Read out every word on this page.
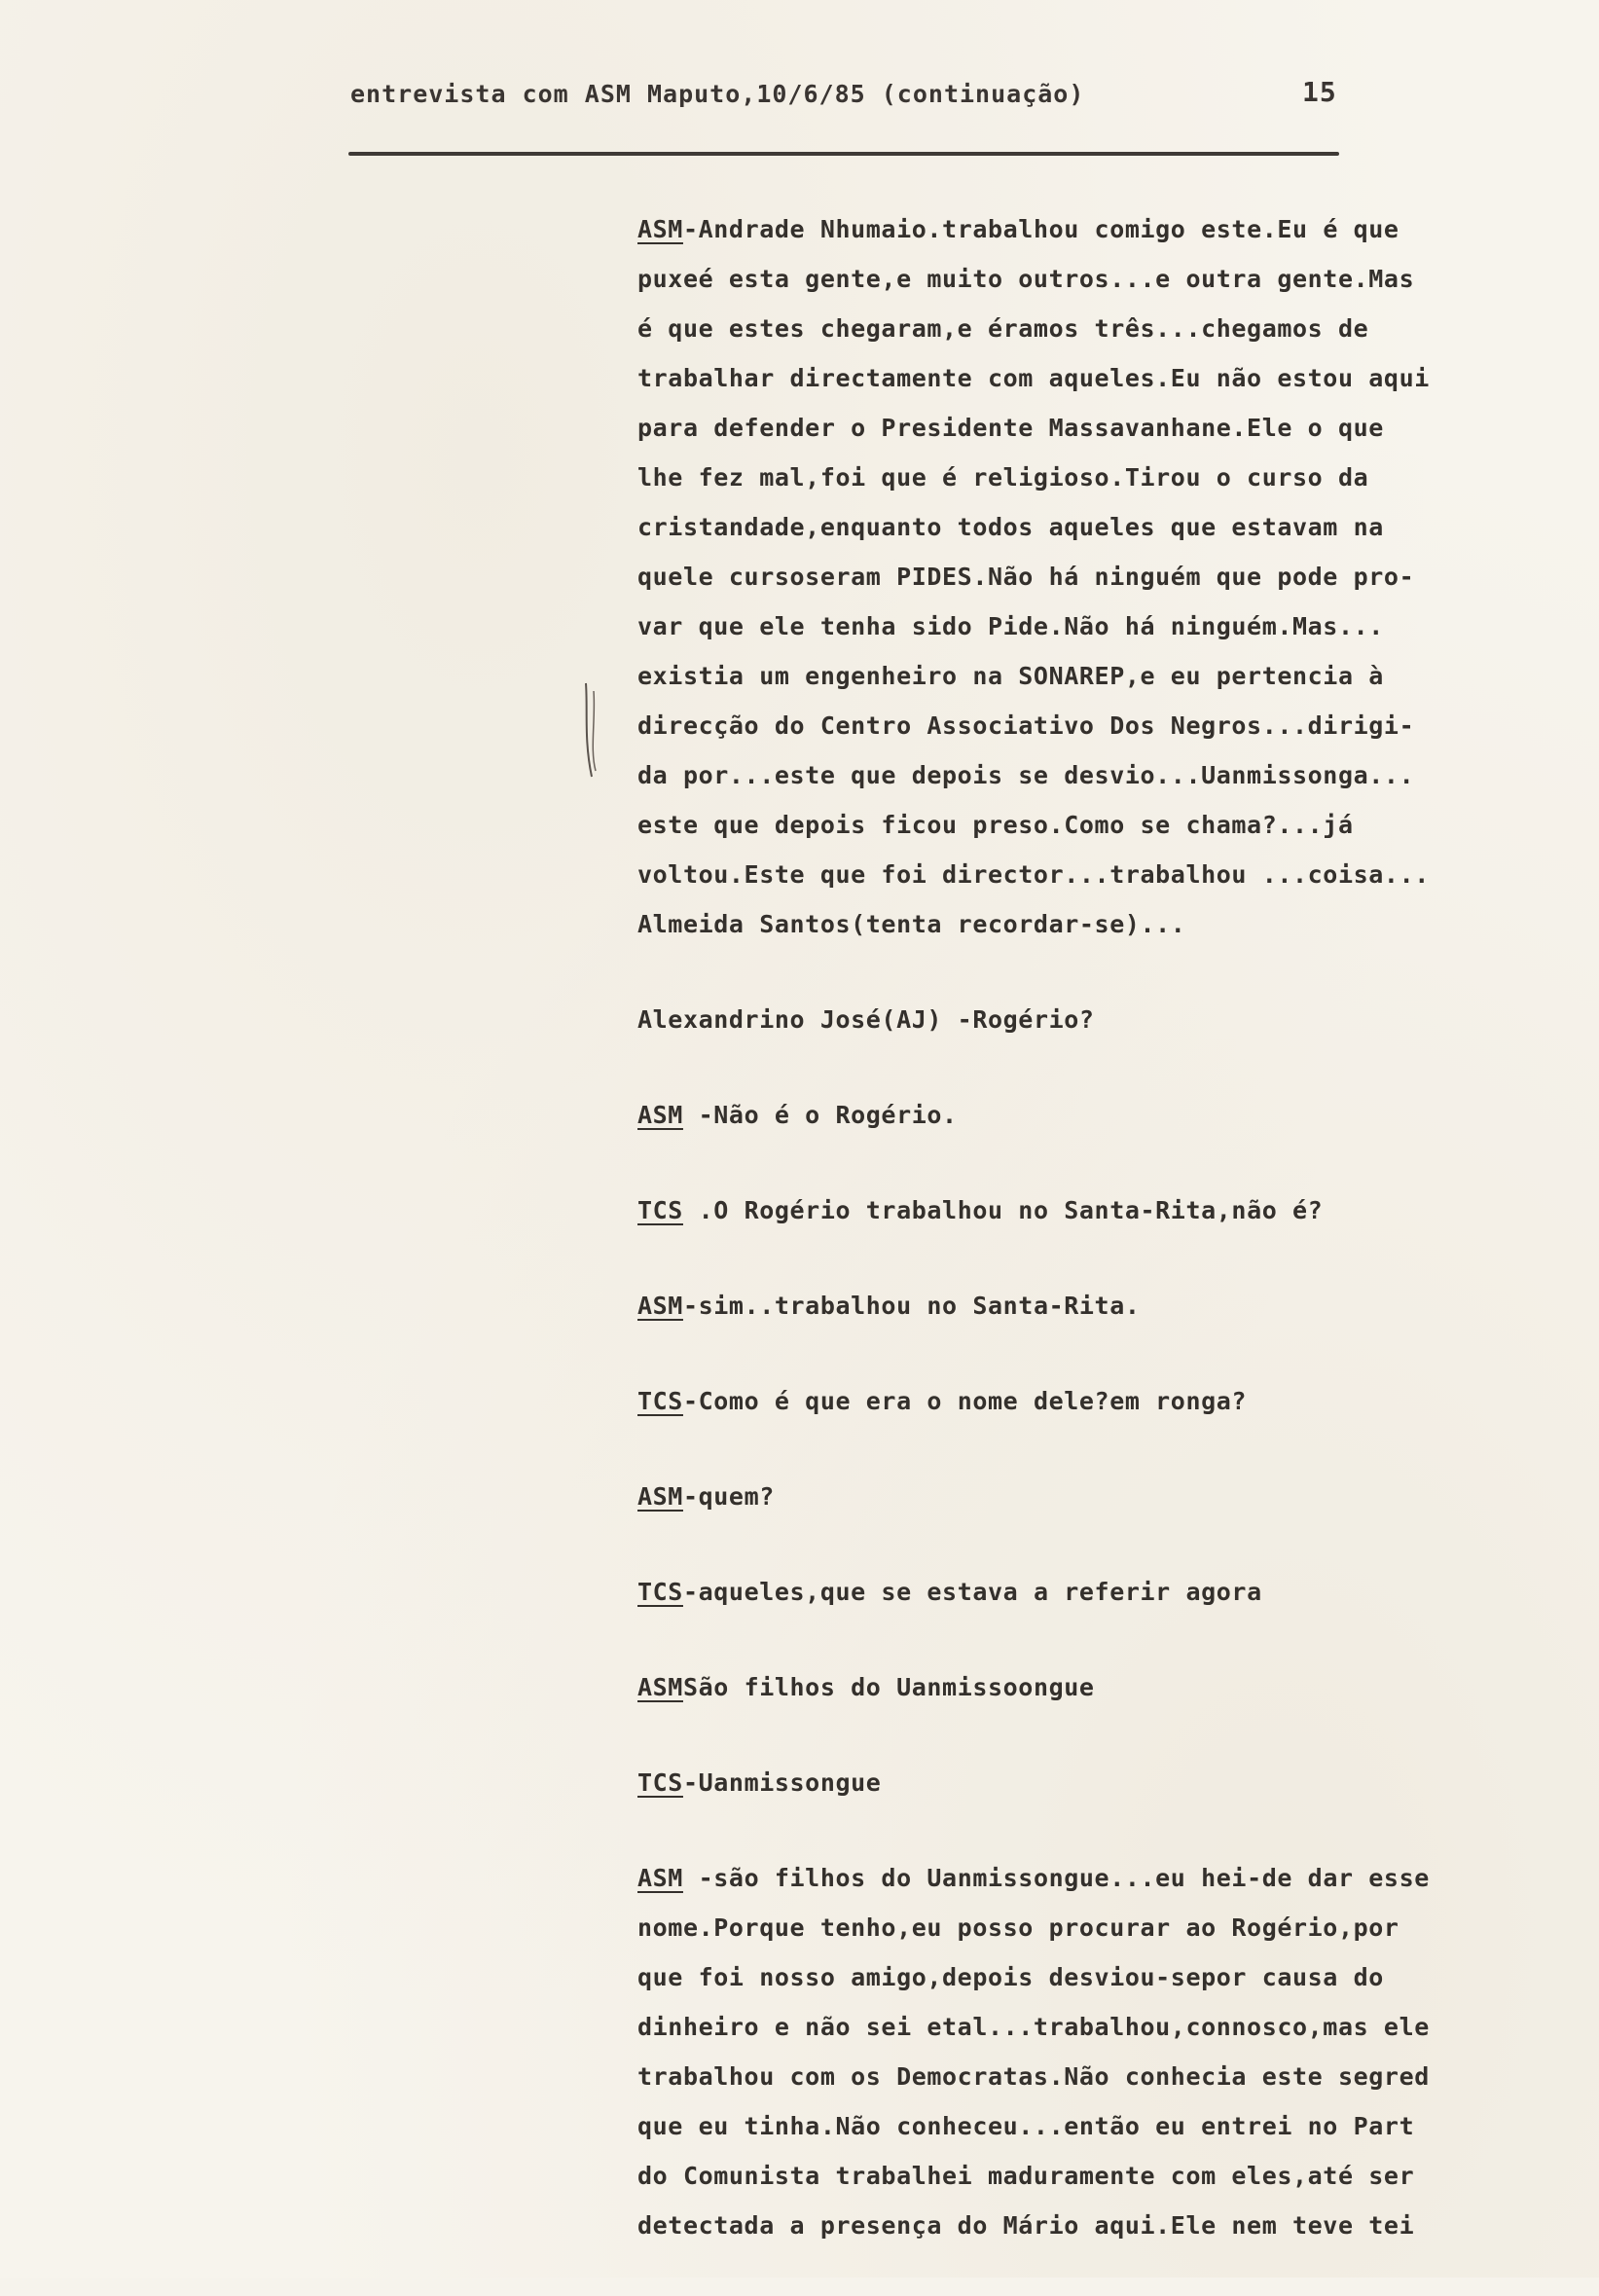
entrevista com ASM Maputo,10/6/85 (continuação)	15
ASM-Andrade Nhumaio.trabalhou comigo este.Eu é que
puxeé esta gente,e muito outros...e outra gente.Mas
é que estes chegaram,e éramos três...chegamos de
trabalhar directamente com aqueles.Eu não estou aqui
para defender o Presidente Massavanhane.Ele o que
lhe fez mal,foi que é religioso.Tirou o curso da
cristandade,enquanto todos aqueles que estavam na
quele cursoseram PIDES.Não há ninguém que pode pro-
var que ele tenha sido Pide.Não há ninguém.Mas...
existia um engenheiro na SONAREP,e eu pertencia à
direcção do Centro Associativo Dos Negros...dirigi-
da por...este que depois se desvio...Uanmissonga...
este que depois ficou preso.Como se chama?...já
voltou.Este que foi director...trabalhou ...coisa...
Almeida Santos(tenta recordar-se)...
Alexandrino José(AJ) -Rogério?
ASM -Não é o Rogério.
TCS .O Rogério trabalhou no Santa-Rita,não é?
ASM-sim..trabalhou no Santa-Rita.
TCS-Como é que era o nome dele?em ronga?
ASM-quem?
TCS-aqueles,que se estava a referir agora
ASMSão filhos do Uanmissoongue
TCS-Uanmissongue
ASM -são filhos do Uanmissongue...eu hei-de dar esse
nome.Porque tenho,eu posso procurar ao Rogério,por
que foi nosso amigo,depois desviou-sepor causa do
dinheiro e não sei etal...trabalhou,connosco,mas ele
trabalhou com os Democratas.Não conhecia este segred
que eu tinha.Não conheceu...então eu entrei no Part
do Comunista trabalhei maduramente com eles,até ser
detectada a presença do Mário aqui.Ele nem teve tei
